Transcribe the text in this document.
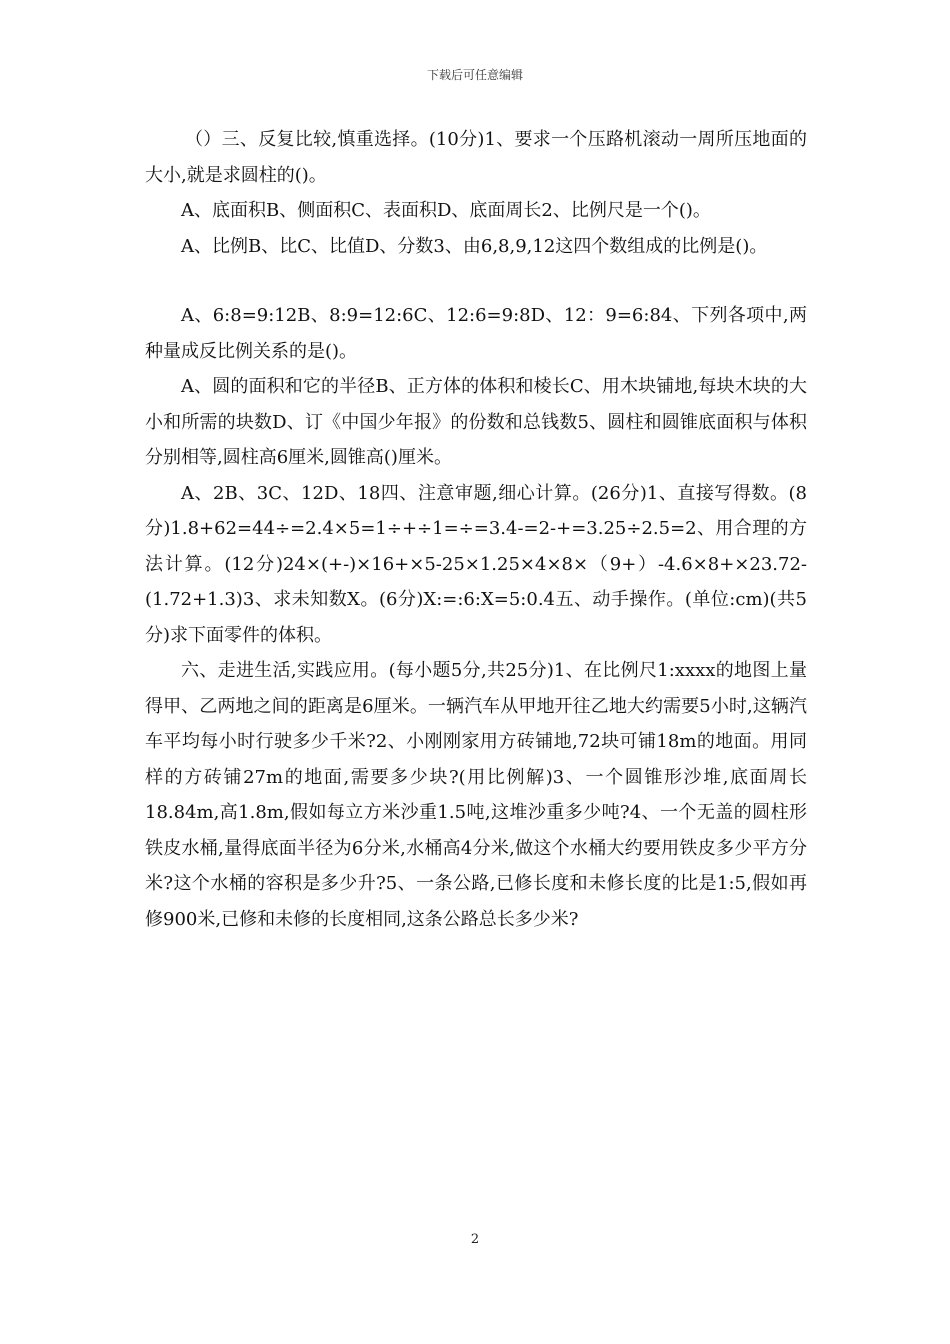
下载后可任意编辑

（）三、反复比较,慎重选择。(10分)1、要求一个压路机滚动一周所压地面的大小,就是求圆柱的()。

A、底面积B、侧面积C、表面积D、底面周长2、比例尺是一个()。

A、比例B、比C、比值D、分数3、由6,8,9,12这四个数组成的比例是()。

A、6:8=9:12B、8:9=12:6C、12:6=9:8D、12：9=6:84、下列各项中,两种量成反比例关系的是()。

A、圆的面积和它的半径B、正方体的体积和棱长C、用木块铺地,每块木块的大小和所需的块数D、订《中国少年报》的份数和总钱数5、圆柱和圆锥底面积与体积分别相等,圆柱高6厘米,圆锥高()厘米。

A、2B、3C、12D、18四、注意审题,细心计算。(26分)1、直接写得数。(8分)1.8+62=44÷=2.4×5=1÷+÷1=÷=3.4-=2-+=3.25÷2.5=2、用合理的方法计算。(12分)24×(+-)×16+×5-25×1.25×4×8×（9+）-4.6×8+×23.72-(1.72+1.3)3、求未知数X。(6分)X:=:6:X=5:0.4五、动手操作。(单位:cm)(共5分)求下面零件的体积。

六、走进生活,实践应用。(每小题5分,共25分)1、在比例尺1:xxxx的地图上量得甲、乙两地之间的距离是6厘米。一辆汽车从甲地开往乙地大约需要5小时,这辆汽车平均每小时行驶多少千米?2、小刚刚家用方砖铺地,72块可铺18m的地面。用同样的方砖铺27m的地面,需要多少块?(用比例解)3、一个圆锥形沙堆,底面周长18.84m,高1.8m,假如每立方米沙重1.5吨,这堆沙重多少吨?4、一个无盖的圆柱形铁皮水桶,量得底面半径为6分米,水桶高4分米,做这个水桶大约要用铁皮多少平方分米?这个水桶的容积是多少升?5、一条公路,已修长度和未修长度的比是1:5,假如再修900米,已修和未修的长度相同,这条公路总长多少米?

2
